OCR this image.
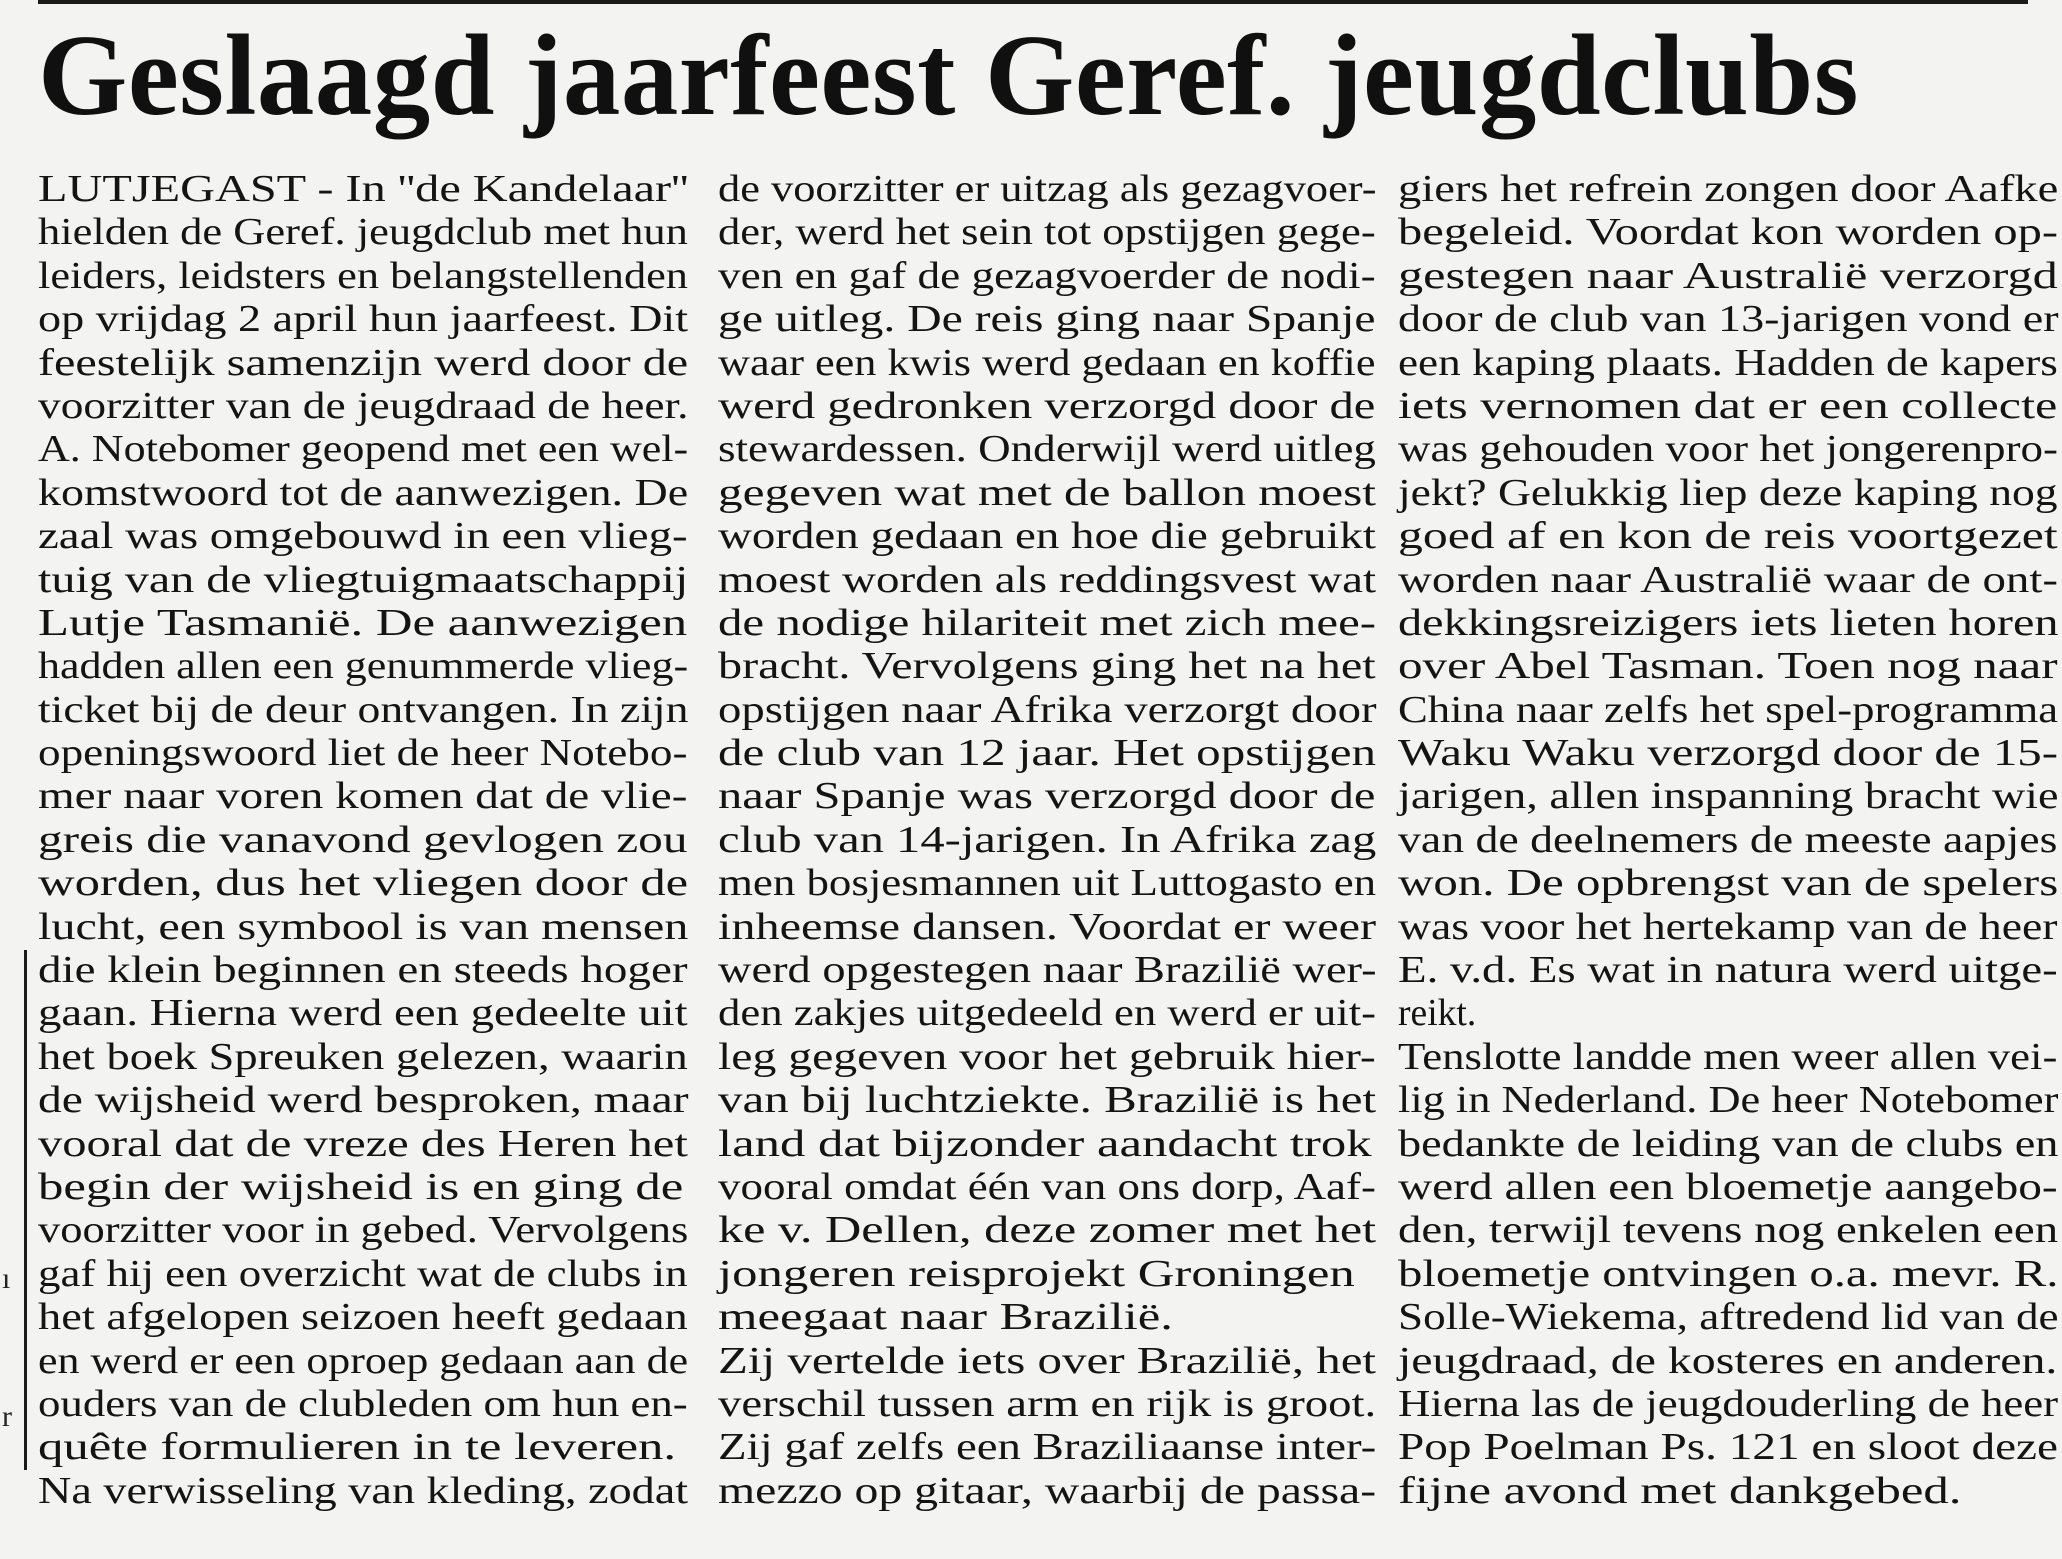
Geslaagd jaarfeest Geref. jeugdclubs
LUTJEGAST - In ''de Kandelaar''
hielden de Geref. jeugdclub met hun
leiders, leidsters en belangstellenden
op vrijdag 2 april hun jaarfeest. Dit
feestelijk samenzijn werd door de
voorzitter van de jeugdraad de heer.
A. Notebomer geopend met een wel-
komstwoord tot de aanwezigen. De
zaal was omgebouwd in een vlieg-
tuig van de vliegtuigmaatschappij
Lutje Tasmanië. De aanwezigen
hadden allen een genummerde vlieg-
ticket bij de deur ontvangen. In zijn
openingswoord liet de heer Notebo-
mer naar voren komen dat de vlie-
greis die vanavond gevlogen zou
worden, dus het vliegen door de
lucht, een symbool is van mensen
die klein beginnen en steeds hoger
gaan. Hierna werd een gedeelte uit
het boek Spreuken gelezen, waarin
de wijsheid werd besproken, maar
vooral dat de vreze des Heren het
begin der wijsheid is en ging de
voorzitter voor in gebed. Vervolgens
gaf hij een overzicht wat de clubs in
het afgelopen seizoen heeft gedaan
en werd er een oproep gedaan aan de
ouders van de clubleden om hun en-
quête formulieren in te leveren.
Na verwisseling van kleding, zodat
de voorzitter er uitzag als gezagvoer-
der, werd het sein tot opstijgen gege-
ven en gaf de gezagvoerder de nodi-
ge uitleg. De reis ging naar Spanje
waar een kwis werd gedaan en koffie
werd gedronken verzorgd door de
stewardessen. Onderwijl werd uitleg
gegeven wat met de ballon moest
worden gedaan en hoe die gebruikt
moest worden als reddingsvest wat
de nodige hilariteit met zich mee-
bracht. Vervolgens ging het na het
opstijgen naar Afrika verzorgt door
de club van 12 jaar. Het opstijgen
naar Spanje was verzorgd door de
club van 14-jarigen. In Afrika zag
men bosjesmannen uit Luttogasto en
inheemse dansen. Voordat er weer
werd opgestegen naar Brazilië wer-
den zakjes uitgedeeld en werd er uit-
leg gegeven voor het gebruik hier-
van bij luchtziekte. Brazilië is het
land dat bijzonder aandacht trok
vooral omdat één van ons dorp, Aaf-
ke v. Dellen, deze zomer met het
jongeren reisprojekt Groningen
meegaat naar Brazilië.
Zij vertelde iets over Brazilië, het
verschil tussen arm en rijk is groot.
Zij gaf zelfs een Braziliaanse inter-
mezzo op gitaar, waarbij de passa-
giers het refrein zongen door Aafke
begeleid. Voordat kon worden op-
gestegen naar Australië verzorgd
door de club van 13-jarigen vond er
een kaping plaats. Hadden de kapers
iets vernomen dat er een collecte
was gehouden voor het jongerenpro-
jekt? Gelukkig liep deze kaping nog
goed af en kon de reis voortgezet
worden naar Australië waar de ont-
dekkingsreizigers iets lieten horen
over Abel Tasman. Toen nog naar
China naar zelfs het spel-programma
Waku Waku verzorgd door de 15-
jarigen, allen inspanning bracht wie
van de deelnemers de meeste aapjes
won. De opbrengst van de spelers
was voor het hertekamp van de heer
E. v.d. Es wat in natura werd uitge-
reikt.
Tenslotte landde men weer allen vei-
lig in Nederland. De heer Notebomer
bedankte de leiding van de clubs en
werd allen een bloemetje aangebo-
den, terwijl tevens nog enkelen een
bloemetje ontvingen o.a. mevr. R.
Solle-Wiekema, aftredend lid van de
jeugdraad, de kosteres en anderen.
Hierna las de jeugdouderling de heer
Pop Poelman Ps. 121 en sloot deze
fijne avond met dankgebed.
ı
r
